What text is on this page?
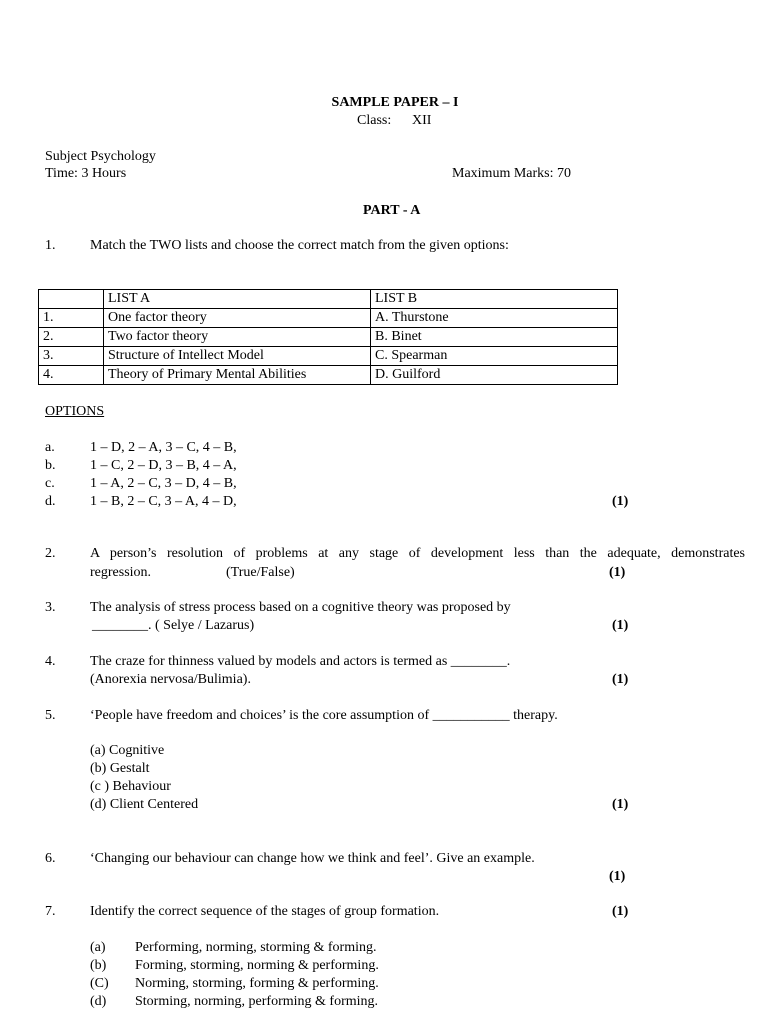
SAMPLE PAPER – I
Class: XII
Subject Psychology
Time: 3 Hours	Maximum Marks: 70
PART - A
1. Match the TWO lists and choose the correct match from the given options:
	LIST A	LIST B
1.	One factor theory	A. Thurstone
2.	Two factor theory	B. Binet
3.	Structure of Intellect Model	C. Spearman
4.	Theory of Primary Mental Abilities	D. Guilford
OPTIONS
a.	1 – D, 2 – A, 3 – C, 4 – B,
b. 1 – C, 2 – D, 3 – B, 4 – A,
c.	1 – A, 2 – C, 3 – D, 4 – B,
d. 1 – B, 2 – C, 3 – A, 4 – D,	(1)
2. A person’s resolution of problems at any stage of development less than the adequate, demonstrates
regression.	(True/False)	(1)
3. The analysis of stress process based on a cognitive theory was proposed by
________. ( Selye / Lazarus)	(1)
4. The craze for thinness valued by models and actors is termed as ________.
(Anorexia nervosa/Bulimia).	(1)
5. ‘People have freedom and choices’ is the core assumption of ___________ therapy.
(a) Cognitive
(b) Gestalt
(c ) Behaviour
(d) Client Centered	(1)
6. ‘Changing our behaviour can change how we think and feel’. Give an example.
(1)
7. Identify the correct sequence of the stages of group formation.	(1)
(a) Performing, norming, storming & forming.
(b) Forming, storming, norming & performing.
(C) Norming, storming, forming & performing.
(d) Storming, norming, performing & forming.
